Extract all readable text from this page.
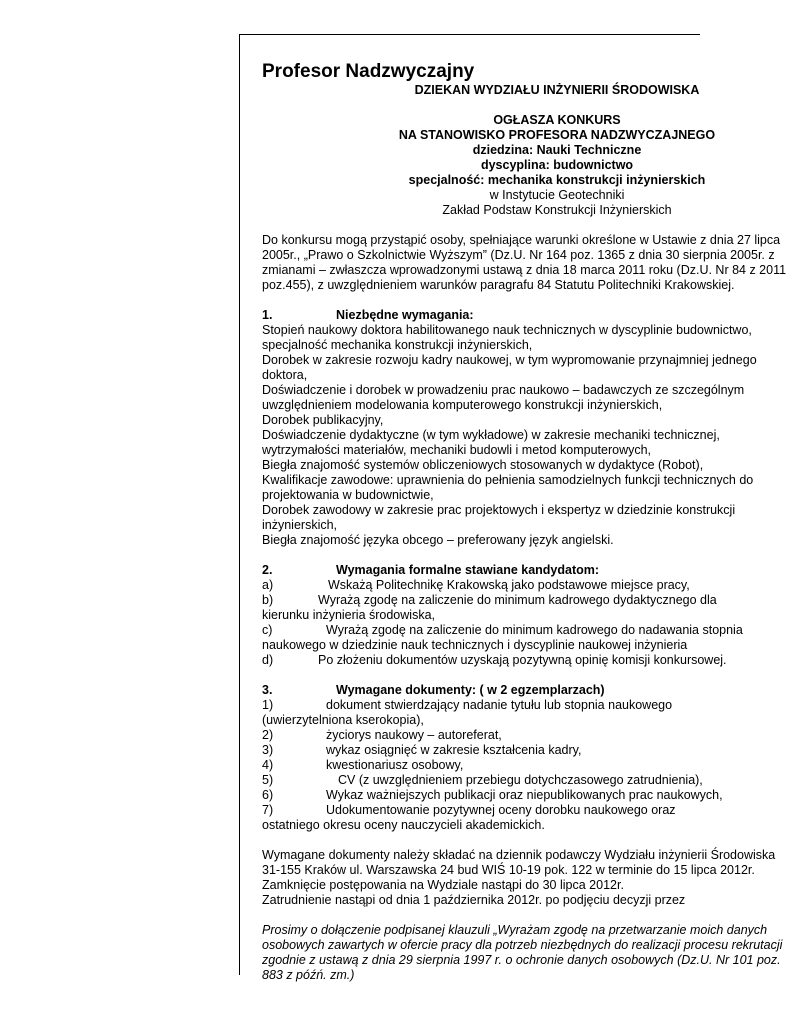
Profesor Nadzwyczajny
DZIEKAN WYDZIAŁU INŻYNIERII ŚRODOWISKA
OGŁASZA KONKURS
NA STANOWISKO PROFESORA NADZWYCZAJNEGO
dziedzina: Nauki Techniczne
dyscyplina: budownictwo
specjalność: mechanika konstrukcji inżynierskich
w Instytucie Geotechniki
Zakład Podstaw Konstrukcji Inżynierskich
Do konkursu mogą przystąpić osoby, spełniające warunki określone w Ustawie z dnia 27 lipca
2005r., „Prawo o Szkolnictwie Wyższym” (Dz.U. Nr 164 poz. 1365 z dnia 30 sierpnia 2005r. z
zmianami – zwłaszcza wprowadzonymi ustawą z dnia 18 marca 2011 roku (Dz.U. Nr 84 z 2011
poz.455), z uwzględnieniem warunków paragrafu 84 Statutu Politechniki Krakowskiej.
1.	Niezbędne wymagania:
Stopień naukowy doktora habilitowanego nauk technicznych w dyscyplinie budownictwo,
specjalność mechanika konstrukcji inżynierskich,
Dorobek w zakresie rozwoju kadry naukowej, w tym wypromowanie przynajmniej jednego
doktora,
Doświadczenie i dorobek w prowadzeniu prac naukowo – badawczych ze szczególnym
uwzględnieniem modelowania komputerowego konstrukcji inżynierskich,
Dorobek publikacyjny,
Doświadczenie dydaktyczne (w tym wykładowe) w zakresie mechaniki technicznej,
wytrzymałości materiałów, mechaniki budowli i metod komputerowych,
Biegła znajomość systemów obliczeniowych stosowanych w dydaktyce (Robot),
Kwalifikacje zawodowe: uprawnienia do pełnienia samodzielnych funkcji technicznych do
projektowania w budownictwie,
Dorobek zawodowy w zakresie prac projektowych i ekspertyz w dziedzinie konstrukcji
inżynierskich,
Biegła znajomość języka obcego – preferowany język angielski.
2.	Wymagania formalne stawiane kandydatom:
a)	Wskażą Politechnikę Krakowską jako podstawowe miejsce pracy,
b)	Wyrażą zgodę na zaliczenie do minimum kadrowego dydaktycznego dla
kierunku inżynieria środowiska,
c)	Wyrażą zgodę na zaliczenie do minimum kadrowego do nadawania stopnia
naukowego w dziedzinie nauk technicznych i dyscyplinie naukowej inżynieria
d)	Po złożeniu dokumentów uzyskają pozytywną opinię komisji konkursowej.
3.	Wymagane dokumenty: ( w 2 egzemplarzach)
1)	dokument stwierdzający nadanie tytułu lub stopnia naukowego
(uwierzytelniona kserokopia),
2)	życiorys naukowy – autoreferat,
3)	wykaz osiągnięć w zakresie kształcenia kadry,
4)	kwestionariusz osobowy,
5)	CV (z uwzględnieniem przebiegu dotychczasowego zatrudnienia),
6)	Wykaz ważniejszych publikacji oraz niepublikowanych prac naukowych,
7)	Udokumentowanie pozytywnej oceny dorobku naukowego oraz
ostatniego okresu oceny nauczycieli akademickich.
Wymagane dokumenty należy składać na dziennik podawczy Wydziału inżynierii Środowiska
31-155 Kraków ul. Warszawska 24 bud WIŚ 10-19 pok. 122 w terminie do 15 lipca 2012r.
Zamknięcie postępowania na Wydziale nastąpi do 30 lipca 2012r.
Zatrudnienie nastąpi od dnia 1 października 2012r. po podjęciu decyzji przez
Prosimy o dołączenie podpisanej klauzuli „Wyrażam zgodę na przetwarzanie moich danych
osobowych zawartych w ofercie pracy dla potrzeb niezbędnych do realizacji procesu rekrutacji
zgodnie z ustawą z dnia 29 sierpnia 1997 r. o ochronie danych osobowych (Dz.U. Nr 101 poz.
883 z późń. zm.)
